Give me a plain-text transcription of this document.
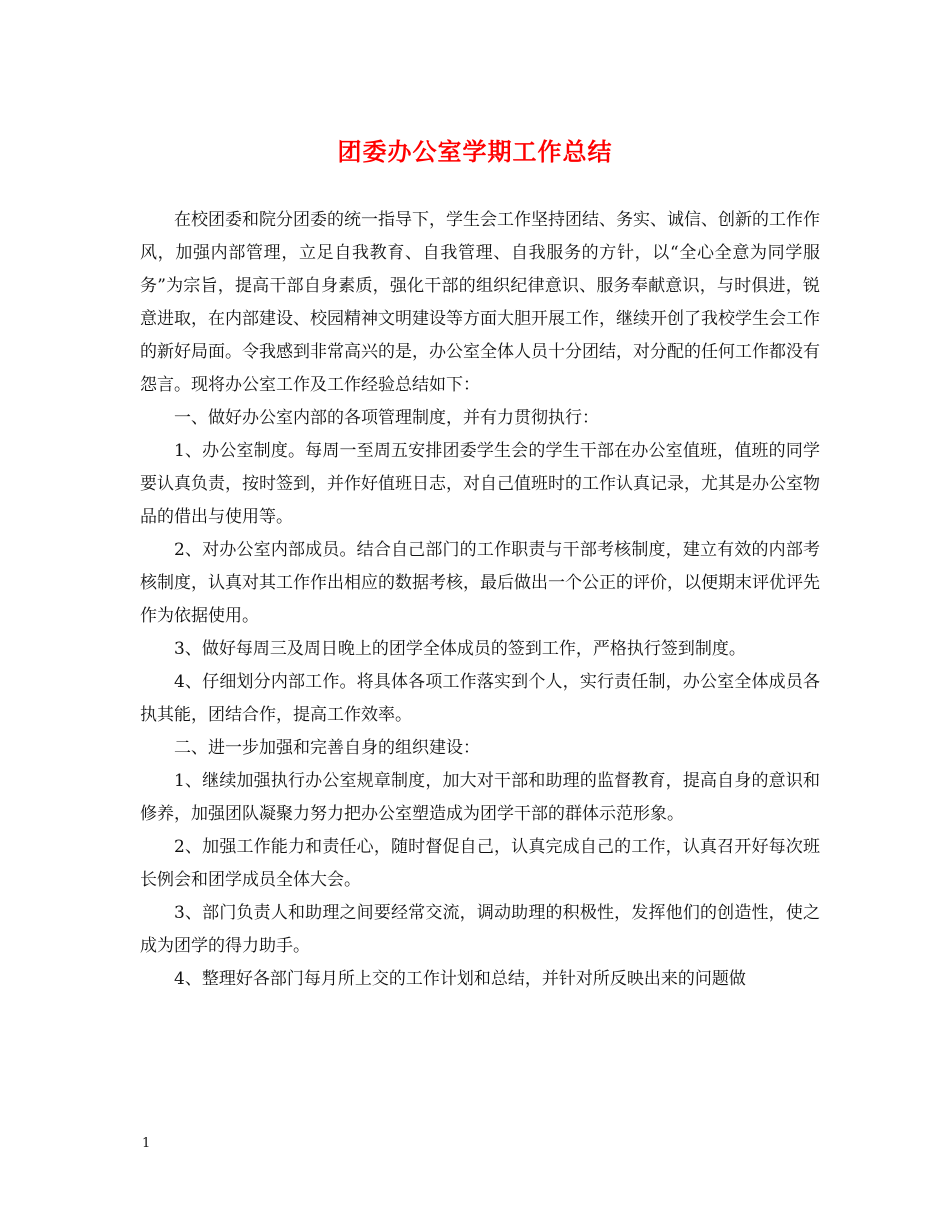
团委办公室学期工作总结

在校团委和院分团委的统一指导下，学生会工作坚持团结、务实、诚信、创新的工作作风，加强内部管理，立足自我教育、自我管理、自我服务的方针，以“全心全意为同学服务”为宗旨，提高干部自身素质，强化干部的组织纪律意识、服务奉献意识，与时俱进，锐意进取，在内部建设、校园精神文明建设等方面大胆开展工作，继续开创了我校学生会工作的新好局面。令我感到非常高兴的是，办公室全体人员十分团结，对分配的任何工作都没有怨言。现将办公室工作及工作经验总结如下：

一、做好办公室内部的各项管理制度，并有力贯彻执行：

1、办公室制度。每周一至周五安排团委学生会的学生干部在办公室值班，值班的同学要认真负责，按时签到，并作好值班日志，对自己值班时的工作认真记录，尤其是办公室物品的借出与使用等。

2、对办公室内部成员。结合自己部门的工作职责与干部考核制度，建立有效的内部考核制度，认真对其工作作出相应的数据考核，最后做出一个公正的评价，以便期末评优评先作为依据使用。

3、做好每周三及周日晚上的团学全体成员的签到工作，严格执行签到制度。

4、仔细划分内部工作。将具体各项工作落实到个人，实行责任制，办公室全体成员各执其能，团结合作，提高工作效率。

二、进一步加强和完善自身的组织建设：

1、继续加强执行办公室规章制度，加大对干部和助理的监督教育，提高自身的意识和修养，加强团队凝聚力努力把办公室塑造成为团学干部的群体示范形象。

2、加强工作能力和责任心，随时督促自己，认真完成自己的工作，认真召开好每次班长例会和团学成员全体大会。

3、部门负责人和助理之间要经常交流，调动助理的积极性，发挥他们的创造性，使之成为团学的得力助手。

4、整理好各部门每月所上交的工作计划和总结，并针对所反映出来的问题做

1
